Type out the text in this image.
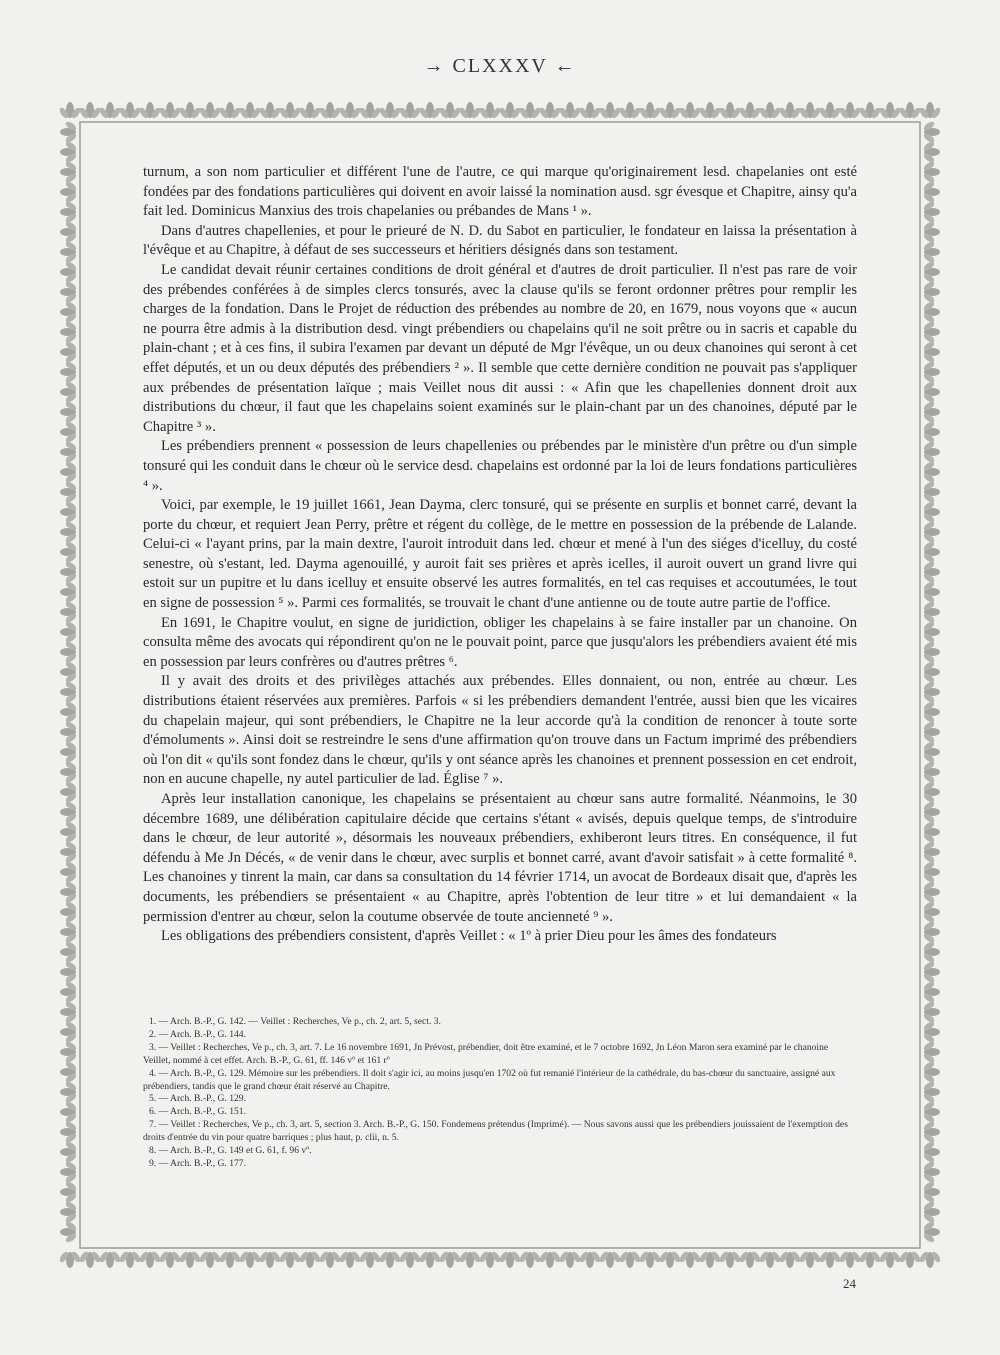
→ CLXXXV ←

turnum, a son nom particulier et différent l'une de l'autre, ce qui marque qu'originairement lesd. chapelanies ont esté fondées par des fondations particulières qui doivent en avoir laissé la nomination ausd. sgr évesque et Chapitre, ainsy qu'a fait led. Dominicus Manxius des trois chapelanies ou prébandes de Mans ¹ ».

Dans d'autres chapellenies, et pour le prieuré de N. D. du Sabot en particulier, le fondateur en laissa la présentation à l'évêque et au Chapitre, à défaut de ses successeurs et héritiers désignés dans son testament.

Le candidat devait réunir certaines conditions de droit général et d'autres de droit particulier. Il n'est pas rare de voir des prébendes conférées à de simples clercs tonsurés, avec la clause qu'ils se feront ordonner prêtres pour remplir les charges de la fondation. Dans le Projet de réduction des prébendes au nombre de 20, en 1679, nous voyons que « aucun ne pourra être admis à la distribution desd. vingt prébendiers ou chapelains qu'il ne soit prêtre ou in sacris et capable du plain-chant ; et à ces fins, il subira l'examen par devant un député de Mgr l'évêque, un ou deux chanoines qui seront à cet effet députés, et un ou deux députés des prébendiers ² ». Il semble que cette dernière condition ne pouvait pas s'appliquer aux prébendes de présentation laïque ; mais Veillet nous dit aussi : « Afin que les chapellenies donnent droit aux distributions du chœur, il faut que les chapelains soient examinés sur le plain-chant par un des chanoines, député par le Chapitre ³ ».

Les prébendiers prennent « possession de leurs chapellenies ou prébendes par le ministère d'un prêtre ou d'un simple tonsuré qui les conduit dans le chœur où le service desd. chapelains est ordonné par la loi de leurs fondations particulières ⁴ ».

Voici, par exemple, le 19 juillet 1661, Jean Dayma, clerc tonsuré, qui se présente en surplis et bonnet carré, devant la porte du chœur, et requiert Jean Perry, prêtre et régent du collège, de le mettre en possession de la prébende de Lalande. Celui-ci « l'ayant prins, par la main dextre, l'auroit introduit dans led. chœur et mené à l'un des siéges d'icelluy, du costé senestre, où s'estant, led. Dayma agenouillé, y auroit fait ses prières et après icelles, il auroit ouvert un grand livre qui estoit sur un pupitre et lu dans icelluy et ensuite observé les autres formalités, en tel cas requises et accoutumées, le tout en signe de possession ⁵ ». Parmi ces formalités, se trouvait le chant d'une antienne ou de toute autre partie de l'office.

En 1691, le Chapitre voulut, en signe de juridiction, obliger les chapelains à se faire installer par un chanoine. On consulta même des avocats qui répondirent qu'on ne le pouvait point, parce que jusqu'alors les prébendiers avaient été mis en possession par leurs confrères ou d'autres prêtres ⁶.

Il y avait des droits et des privilèges attachés aux prébendes. Elles donnaient, ou non, entrée au chœur. Les distributions étaient réservées aux premières. Parfois « si les prébendiers demandent l'entrée, aussi bien que les vicaires du chapelain majeur, qui sont prébendiers, le Chapitre ne la leur accorde qu'à la condition de renoncer à toute sorte d'émoluments ». Ainsi doit se restreindre le sens d'une affirmation qu'on trouve dans un Factum imprimé des prébendiers où l'on dit « qu'ils sont fondez dans le chœur, qu'ils y ont séance après les chanoines et prennent possession en cet endroit, non en aucune chapelle, ny autel particulier de lad. Église ⁷ ».

Après leur installation canonique, les chapelains se présentaient au chœur sans autre formalité. Néanmoins, le 30 décembre 1689, une délibération capitulaire décide que certains s'étant « avisés, depuis quelque temps, de s'introduire dans le chœur, de leur autorité », désormais les nouveaux prébendiers, exhiberont leurs titres. En conséquence, il fut défendu à Me Jn Décés, « de venir dans le chœur, avec surplis et bonnet carré, avant d'avoir satisfait » à cette formalité ⁸. Les chanoines y tinrent la main, car dans sa consultation du 14 février 1714, un avocat de Bordeaux disait que, d'après les documents, les prébendiers se présentaient « au Chapitre, après l'obtention de leur titre » et lui demandaient « la permission d'entrer au chœur, selon la coutume observée de toute ancienneté ⁹ ».

Les obligations des prébendiers consistent, d'après Veillet : « 1º à prier Dieu pour les âmes des fondateurs

1. — Arch. B.-P., G. 142. — Veillet : Recherches, Ve p., ch. 2, art. 5, sect. 3.
2. — Arch. B.-P., G. 144.
3. — Veillet : Recherches, Ve p., ch. 3, art. 7. Le 16 novembre 1691, Jn Prévost, prébendier, doit être examiné, et le 7 octobre 1692, Jn Léon Maron sera examiné par le chanoine Veillet, nommé à cet effet. Arch. B.-P., G. 61, ff. 146 vº et 161 rº
4. — Arch. B.-P., G. 129. Mémoire sur les prébendiers. Il doit s'agir ici, au moins jusqu'en 1702 où fut remanié l'intérieur de la cathédrale, du bas-chœur du sanctuaire, assigné aux prébendiers, tandis que le grand chœur était réservé au Chapitre.
5. — Arch. B.-P., G. 129.
6. — Arch. B.-P., G. 151.
7. — Veillet : Recherches, Ve p., ch. 3, art. 5, section 3. Arch. B.-P., G. 150. Fondemens prétendus (Imprimé). — Nous savons aussi que les prébendiers jouissaient de l'exemption des droits d'entrée du vin pour quatre barriques ; plus haut, p. clii, n. 5.
8. — Arch. B.-P., G. 149 et G. 61, f. 96 vº.
9. — Arch. B.-P., G. 177.
24
